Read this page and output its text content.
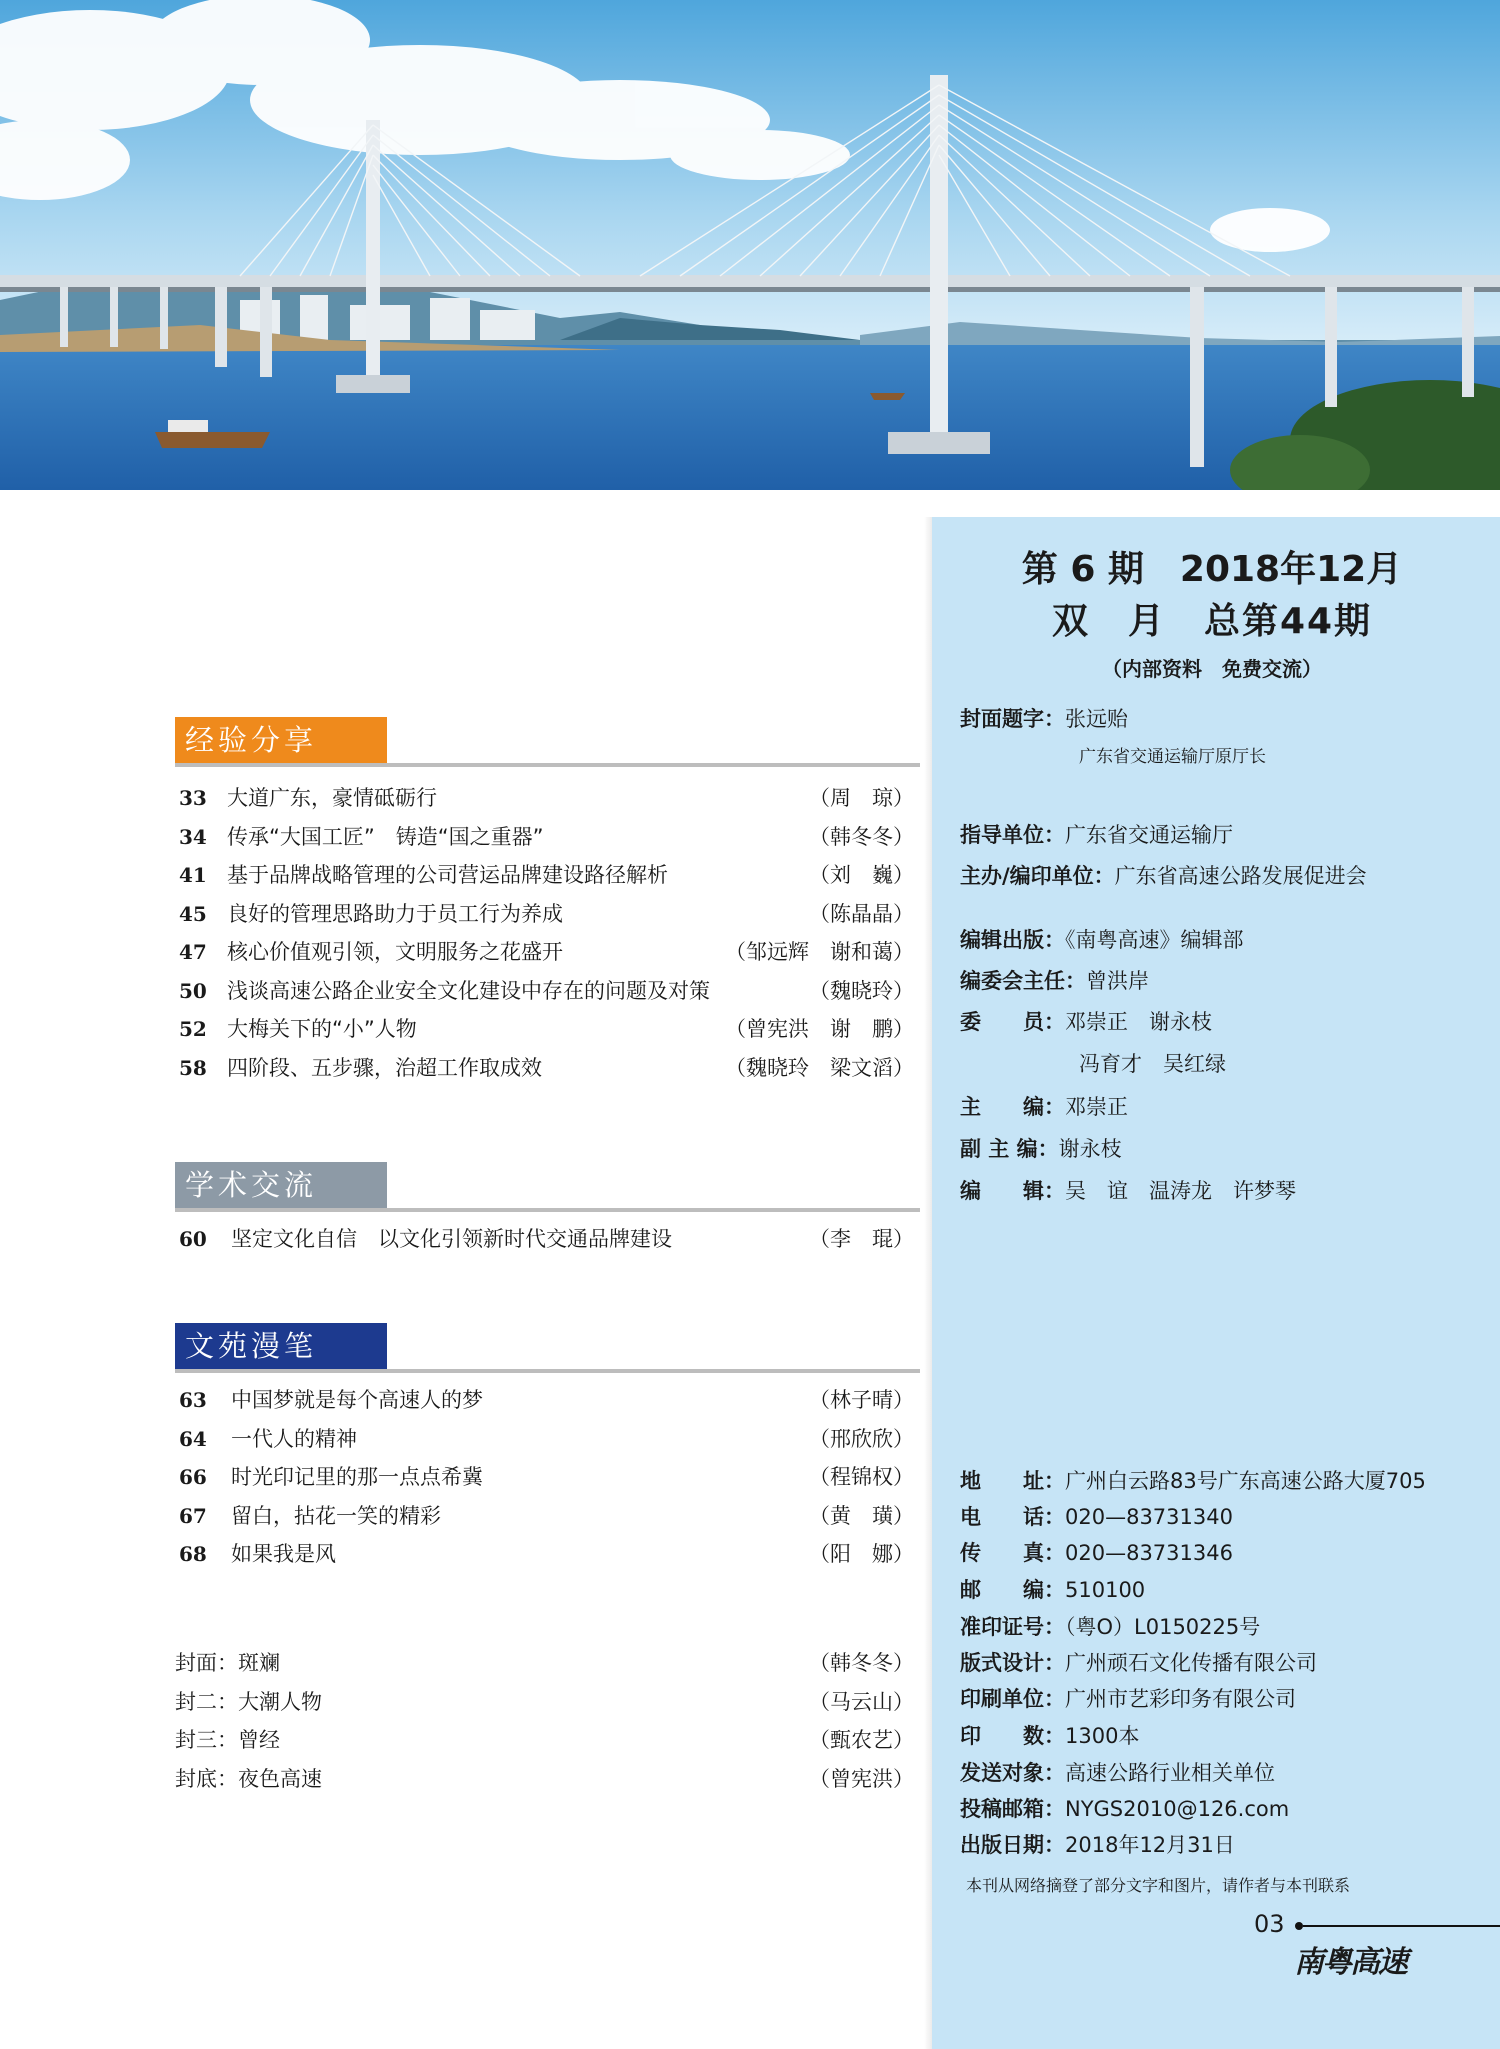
经验分享
33 大道广东，豪情砥砺行	（周　琼）
34 传承“大国工匠”　铸造“国之重器”	（韩冬冬）
41 基于品牌战略管理的公司营运品牌建设路径解析	（刘　巍）
45 良好的管理思路助力于员工行为养成	（陈晶晶）
47 核心价值观引领，文明服务之花盛开	（邹远辉　谢和蔼）
50 浅谈高速公路企业安全文化建设中存在的问题及对策	（魏晓玲）
52 大梅关下的“小”人物	（曾宪洪　谢　鹏）
58 四阶段、五步骤，治超工作取成效	（魏晓玲　梁文滔）
学术交流
60 坚定文化自信　以文化引领新时代交通品牌建设	（李　琨）
文苑漫笔
63 中国梦就是每个高速人的梦	（林子晴）
64 一代人的精神	（邢欣欣）
66 时光印记里的那一点点希冀	（程锦权）
67 留白，拈花一笑的精彩	（黄　璜）
68 如果我是风	（阳　娜）
封面：斑斓	（韩冬冬）
封二：大潮人物	（马云山）
封三：曾经	（甄农艺）
封底：夜色高速	（曾宪洪）
第 6 期　2018年12月
双　月　总第44期
（内部资料　免费交流）
封面题字：张远贻
广东省交通运输厅原厅长
指导单位：广东省交通运输厅
主办/编印单位：广东省高速公路发展促进会
编辑出版：《南粤高速》编辑部
编委会主任：曾洪岸
委　　员：邓崇正　谢永枝
冯育才　吴红绿
主　　编：邓崇正
副 主 编：谢永枝
编　　辑：吴　谊　温涛龙　许梦琴
地　　址：广州白云路83号广东高速公路大厦705
电　　话：020—83731340
传　　真：020—83731346
邮　　编：510100
准印证号：（粤O）L0150225号
版式设计：广州顽石文化传播有限公司
印刷单位：广州市艺彩印务有限公司
印　　数：1300本
发送对象：高速公路行业相关单位
投稿邮箱：NYGS2010@126.com
出版日期：2018年12月31日
本刊从网络摘登了部分文字和图片，请作者与本刊联系
03
南粤高速
